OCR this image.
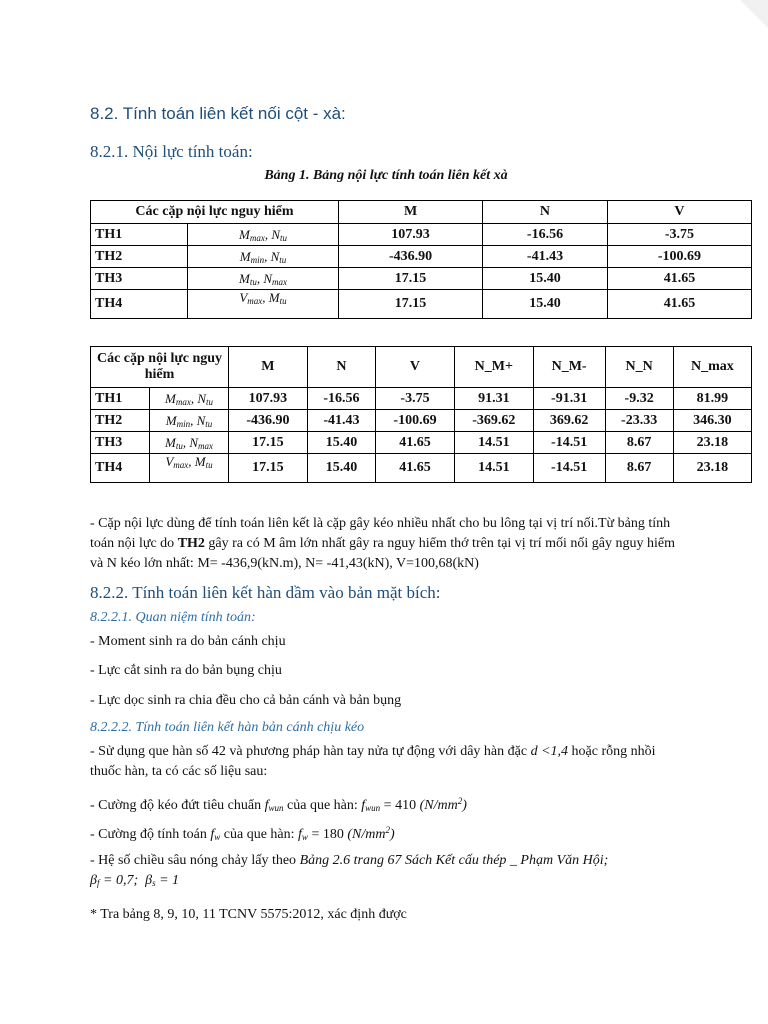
8.2. Tính toán liên kết nối cột - xà:
8.2.1. Nội lực tính toán:
Bảng 1. Bảng nội lực tính toán liên kết xà
Các cặp nội lực nguy hiểm		M	N	V
TH1	$M_{max}$, $N_{tu}$	107.93	-16.56	-3.75
TH2	$M_{min}$, $N_{tu}$	-436.90	-41.43	-100.69
TH3	$M_{tu}$, $N_{max}$	17.15	15.40	41.65
TH4	$V_{max}$, $M_{tu}$	17.15	15.40	41.65
Các cặp nội lực nguy hiểm		M	N	V	N_M+	N_M-	N_N	N_max
TH1	$M_{max}$, $N_{tu}$	107.93	-16.56	-3.75	91.31	-91.31	-9.32	81.99
TH2	$M_{min}$, $N_{tu}$	-436.90	-41.43	-100.69	-369.62	369.62	-23.33	346.30
TH3	$M_{tu}$, $N_{max}$	17.15	15.40	41.65	14.51	-14.51	8.67	23.18
TH4	$V_{max}$, $M_{tu}$	17.15	15.40	41.65	14.51	-14.51	8.67	23.18
- Cặp nội lực dùng để tính toán liên kết là cặp gây kéo nhiều nhất cho bu lông tại vị trí nối.Từ bảng tính toán nội lực do TH2 gây ra có M âm lớn nhất gây ra nguy hiểm thớ trên tại vị trí mối nối gây nguy hiểm và N kéo lớn nhất: M= -436,9(kN.m), N= -41,43(kN), V=100,68(kN)
8.2.2. Tính toán liên kết hàn dầm vào bản mặt bích:
8.2.2.1. Quan niệm tính toán:
- Moment sinh ra do bản cánh chịu
- Lực cắt sinh ra do bản bụng chịu
- Lực dọc sinh ra chia đều cho cả bản cánh và bản bụng
8.2.2.2. Tính toán liên kết hàn bản cánh chịu kéo
- Sử dụng que hàn số 42 và phương pháp hàn tay nửa tự động với dây hàn đặc d <1,4 hoặc rỗng nhồi thuốc hàn, ta có các số liệu sau:
- Cường độ kéo đứt tiêu chuẩn $f_{wun}$ của que hàn: $f_{wun} = 410$ $(N/mm^2)$
- Cường độ tính toán $f_w$ của que hàn: $f_w = 180$ $(N/mm^2)$
- Hệ số chiều sâu nóng chảy lấy theo Bảng 2.6 trang 67 Sách Kết cấu thép _ Phạm Văn Hội;
$\beta_f = 0,7$;  $\beta_s = 1$
* Tra bảng 8, 9, 10, 11 TCNV 5575:2012, xác định được
